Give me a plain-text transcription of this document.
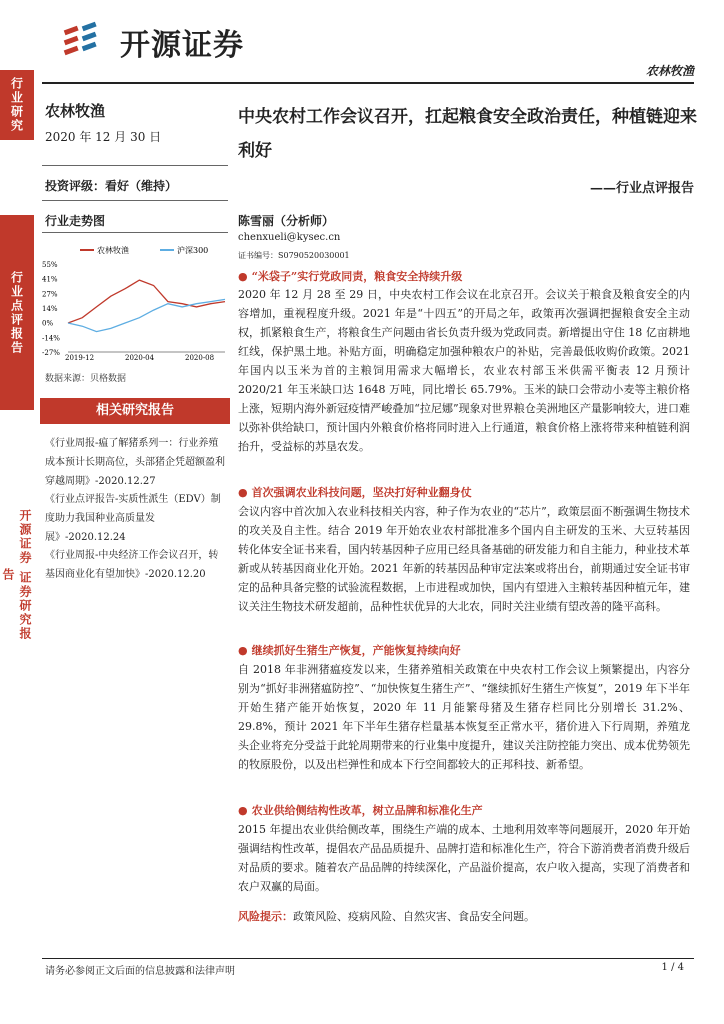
行业研究
行业点评报告
开源证券 证券研究报告
开源证券
农林牧渔
农林牧渔
2020 年 12 月 30 日
投资评级：看好（维持）
行业走势图
农林牧渔	沪深300
55%
41%
27%
14%
0%
-14%
-27%
2019-12	2020-04	2020-08
数据来源：贝格数据
相关研究报告
《行业周报-瘟了解猪系列一：行业养殖成本预计长期高位，头部猪企凭超额盈利穿越周期》-2020.12.27
《行业点评报告-实质性派生（EDV）制度助力我国种业高质量发展》-2020.12.24
《行业周报-中央经济工作会议召开，转基因商业化有望加快》-2020.12.20
中央农村工作会议召开，扛起粮食安全政治责任，种植链迎来利好
——行业点评报告
陈雪丽（分析师）
chenxueli@kysec.cn
证书编号：S0790520030001
● “米袋子”实行党政同责，粮食安全持续升级
2020 年 12 月 28 至 29 日，中央农村工作会议在北京召开。会议关于粮食及粮食安全的内容增加，重视程度升级。2021 年是“十四五”的开局之年，政策再次强调把握粮食安全主动权，抓紧粮食生产，将粮食生产问题由省长负责升级为党政同责。新增提出守住 18 亿亩耕地红线，保护黑土地。补贴方面，明确稳定加强种粮农户的补贴，完善最低收购价政策。2021 年国内以玉米为首的主粮饲用需求大幅增长，农业农村部玉米供需平衡表 12 月预计 2020/21 年玉米缺口达 1648 万吨，同比增长 65.79%。玉米的缺口会带动小麦等主粮价格上涨，短期内海外新冠疫情严峻叠加“拉尼娜”现象对世界粮仓美洲地区产量影响较大，进口难以弥补供给缺口，预计国内外粮食价格将同时进入上行通道，粮食价格上涨将带来种植链利润抬升，受益标的苏垦农发。
● 首次强调农业科技问题，坚决打好种业翻身仗
会议内容中首次加入农业科技相关内容，种子作为农业的“芯片”，政策层面不断强调生物技术的攻关及自主性。结合 2019 年开始农业农村部批准多个国内自主研发的玉米、大豆转基因转化体安全证书来看，国内转基因种子应用已经具备基础的研发能力和自主能力，种业技术革新或从转基因商业化开始。2021 年新的转基因品种审定法案或将出台，前期通过安全证书审定的品种具备完整的试验流程数据，上市进程或加快，国内有望进入主粮转基因种植元年，建议关注生物技术研发超前，品种性状优异的大北农，同时关注业绩有望改善的隆平高科。
● 继续抓好生猪生产恢复，产能恢复持续向好
自 2018 年非洲猪瘟疫发以来，生猪养殖相关政策在中央农村工作会议上频繁提出，内容分别为“抓好非洲猪瘟防控”、“加快恢复生猪生产”、“继续抓好生猪生产恢复”，2019 年下半年开始生猪产能开始恢复，2020 年 11 月能繁母猪及生猪存栏同比分别增长 31.2%、29.8%，预计 2021 年下半年生猪存栏量基本恢复至正常水平，猪价进入下行周期，养殖龙头企业将充分受益于此轮周期带来的行业集中度提升，建议关注防控能力突出、成本优势领先的牧原股份，以及出栏弹性和成本下行空间都较大的正邦科技、新希望。
● 农业供给侧结构性改革，树立品牌和标准化生产
2015 年提出农业供给侧改革，围绕生产端的成本、土地利用效率等问题展开，2020 年开始强调结构性改革，提倡农产品品质提升、品牌打造和标准化生产，符合下游消费者消费升级后对品质的要求。随着农产品品牌的持续深化，产品溢价提高，农户收入提高，实现了消费者和农户双赢的局面。
风险提示：政策风险、疫病风险、自然灾害、食品安全问题。
请务必参阅正文后面的信息披露和法律声明	1 / 4
